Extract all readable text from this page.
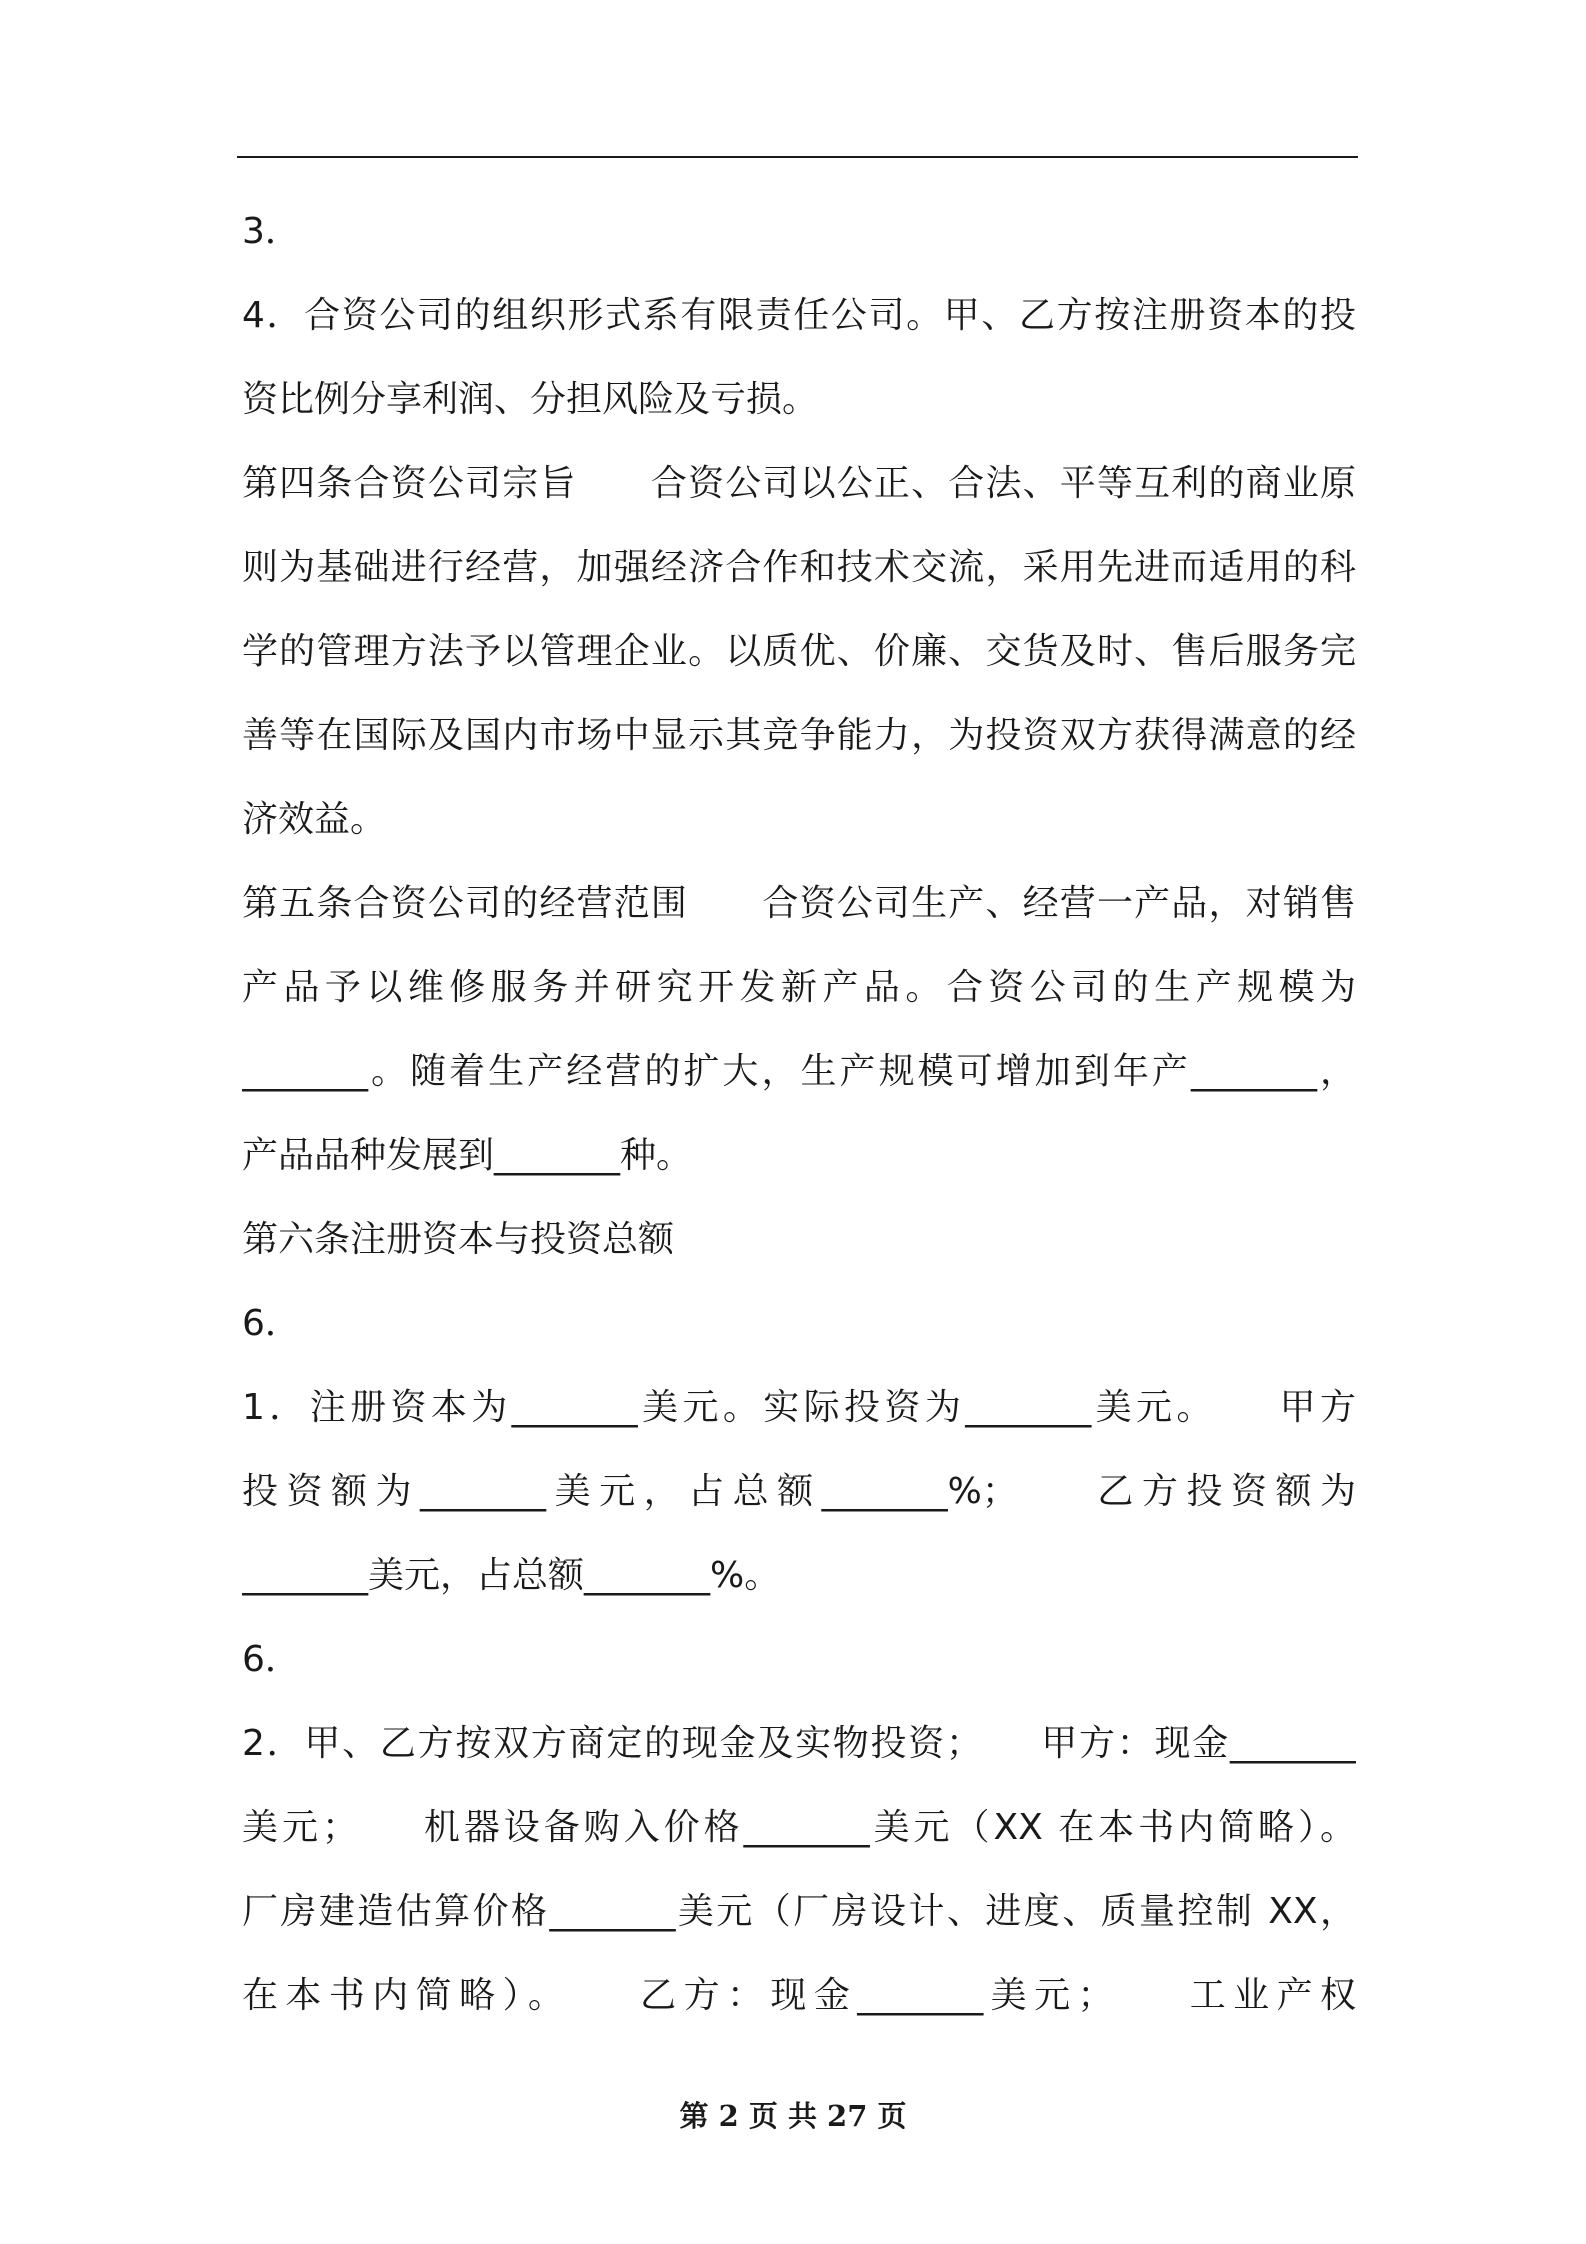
3．
4．合资公司的组织形式系有限责任公司。甲、乙方按注册资本的投
资比例分享利润、分担风险及亏损。
第四条合资公司宗旨　　合资公司以公正、合法、平等互利的商业原
则为基础进行经营，加强经济合作和技术交流，采用先进而适用的科
学的管理方法予以管理企业。以质优、价廉、交货及时、售后服务完
善等在国际及国内市场中显示其竞争能力，为投资双方获得满意的经
济效益。
第五条合资公司的经营范围　　合资公司生产、经营一产品，对销售
产品予以维修服务并研究开发新产品。合资公司的生产规模为
_______。随着生产经营的扩大，生产规模可增加到年产_______，
产品品种发展到_______种。
第六条注册资本与投资总额
6．
1．注册资本为_______美元。实际投资为_______美元。　　甲方
投资额为_______美元，占总额_______%；　　乙方投资额为
_______美元，占总额_______%。
6．
2．甲、乙方按双方商定的现金及实物投资；　　甲方：现金_______
美元；　　机器设备购入价格_______美元（XX 在本书内简略）。
厂房建造估算价格_______美元（厂房设计、进度、质量控制 XX，
在本书内简略）。　　乙方：现金_______美元；　　工业产权
第 2 页 共 27 页
